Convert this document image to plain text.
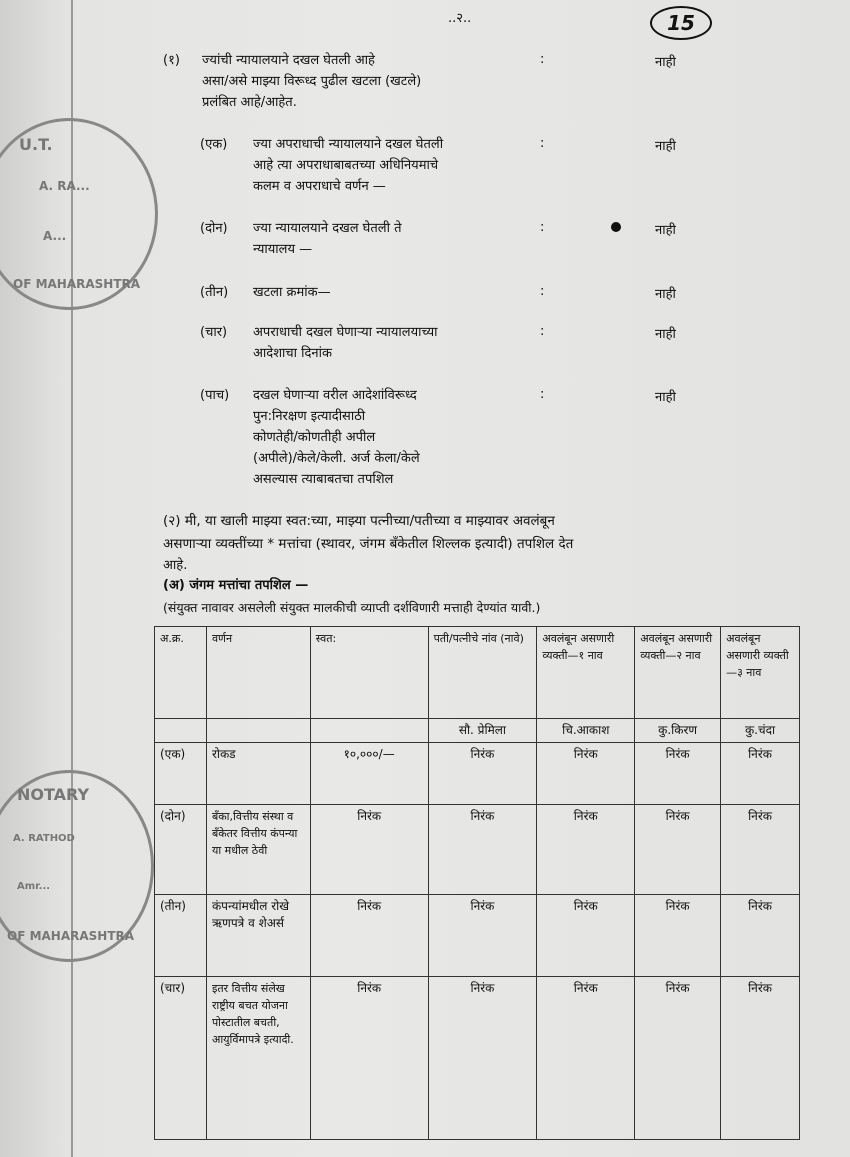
..२..	15
U.T.
A. RA...
A...
OF MAHARASHTRA
NOTARY
A. RATHOD
Amr...
OF MAHARASHTRA
(१) ज्यांची न्यायालयाने दखल घेतली आहे
असा/असे माझ्या विरूध्द पुढील खटला (खटले)
प्रलंबित आहे/आहेत.
:	नाही
(एक) ज्या अपराधाची न्यायालयाने दखल घेतली
आहे त्या अपराधाबाबतच्या अधिनियमाचे
कलम व अपराधाचे वर्णन —
:	नाही
(दोन) ज्या न्यायालयाने दखल घेतली ते
न्यायालय —
:	नाही
(तीन) खटला क्रमांक—	:	नाही
(चार) अपराधाची दखल घेणाऱ्या न्यायालयाच्या
आदेशाचा दिनांक
:	नाही
(पाच) दखल घेणाऱ्या वरील आदेशांविरूध्द
पुन:निरक्षण इत्यादीसाठी
कोणतेही/कोणतीही अपील
(अपीले)/केले/केली. अर्ज केला/केले
असल्यास त्याबाबतचा तपशिल
:	नाही
(२) मी, या खाली माझ्या स्वत:च्या, माझ्या पत्नीच्या/पतीच्या व माझ्यावर अवलंबून
असणाऱ्या व्यक्तींच्या * मत्तांचा (स्थावर, जंगम बॅंकेतील शिल्लक इत्यादी) तपशिल देत
आहे.
(अ) जंगम मत्तांचा तपशिल —
(संयुक्त नावावर असलेली संयुक्त मालकीची व्याप्ती दर्शविणारी मत्ताही देण्यांत यावी.)
अ.क्र.	वर्णन	स्वत:	पती/पत्नीचे नांव (नावे)	अवलंबून असणारी व्यक्ती—१ नाव	अवलंबून असणारी व्यक्ती—२ नाव	अवलंबून असणारी व्यक्ती—३ नाव
			सौ. प्रेमिला	चि.आकाश	कु.किरण	कु.चंदा
(एक)	रोकड	१०,०००/—	निरंक	निरंक	निरंक	निरंक
(दोन)	बॅंका,वित्तीय संस्था व बॅंकेतर वित्तीय कंपन्या या मधील ठेवी	निरंक	निरंक	निरंक	निरंक	निरंक
(तीन)	कंपन्यांमधील रोखे ऋणपत्रे व शेअर्स	निरंक	निरंक	निरंक	निरंक	निरंक
(चार)	इतर वित्तीय संलेख राष्ट्रीय बचत योजना पोस्टातील बचती, आयुर्विमापत्रे इत्यादी.	निरंक	निरंक	निरंक	निरंक	निरंक
